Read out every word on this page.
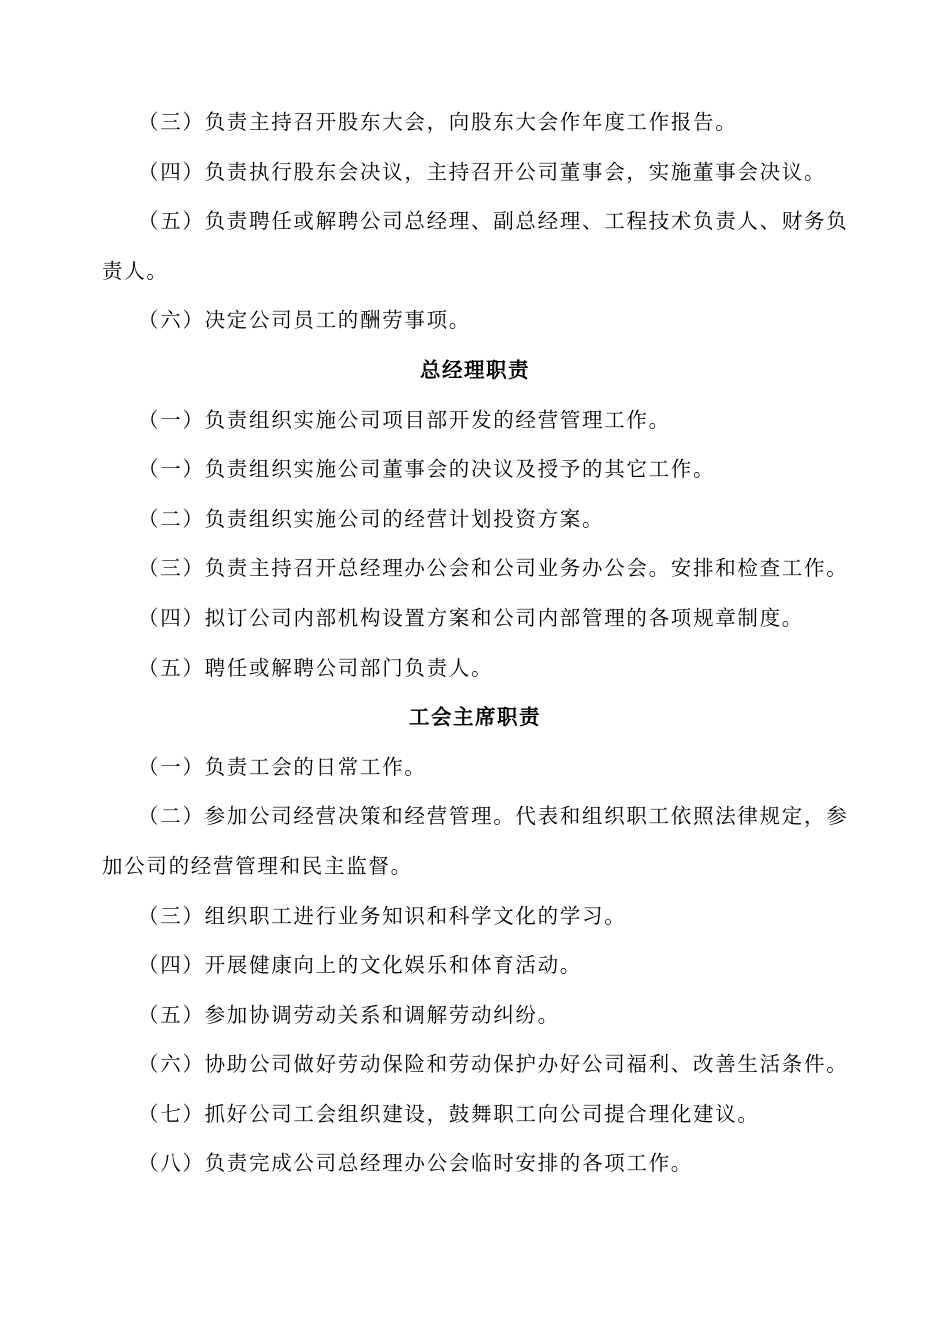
（三）负责主持召开股东大会，向股东大会作年度工作报告。
（四）负责执行股东会决议，主持召开公司董事会，实施董事会决议。
（五）负责聘任或解聘公司总经理、副总经理、工程技术负责人、财务负
责人。
（六）决定公司员工的酬劳事项。
总经理职责
（一）负责组织实施公司项目部开发的经营管理工作。
（一）负责组织实施公司董事会的决议及授予的其它工作。
（二）负责组织实施公司的经营计划投资方案。
（三）负责主持召开总经理办公会和公司业务办公会。安排和检查工作。
（四）拟订公司内部机构设置方案和公司内部管理的各项规章制度。
（五）聘任或解聘公司部门负责人。
工会主席职责
（一）负责工会的日常工作。
（二）参加公司经营决策和经营管理。代表和组织职工依照法律规定，参
加公司的经营管理和民主监督。
（三）组织职工进行业务知识和科学文化的学习。
（四）开展健康向上的文化娱乐和体育活动。
（五）参加协调劳动关系和调解劳动纠纷。
（六）协助公司做好劳动保险和劳动保护办好公司福利、改善生活条件。
（七）抓好公司工会组织建设，鼓舞职工向公司提合理化建议。
（八）负责完成公司总经理办公会临时安排的各项工作。
